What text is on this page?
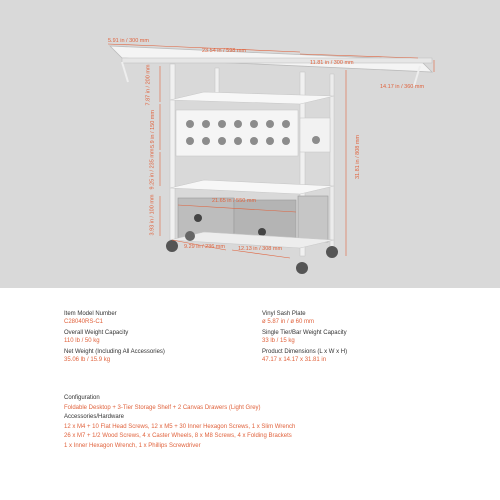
5.91 in / 300 mm
23.54 in / 598 mm
11.81 in / 300 mm
14.17 in / 360 mm
7.87 in / 200 mm
5.9 in / 150 mm
9.25 in / 235 mm
3.93 in / 100 mm
31.81 in / 808 mm
21.65 in / 550 mm
9.29 in / 236 mm 12.13 in / 308 mm
Item Model Number
C28040RS-C1
Overall Weight Capacity
110 lb / 50 kg
Net Weight (Including All Accessories)
35.06 lb / 15.9 kg
Vinyl Sash Plate
ø 5.87 in / ø 60 mm
Single Tier/Bar Weight Capacity
33 lb / 15 kg
Product Dimensions (L x W x H)
47.17 x 14.17 x 31.81 in
Configuration
Foldable Desktop + 3-Tier Storage Shelf + 2 Canvas Drawers (Light Grey)
Accessories/Hardware
12 x M4 + 10 Flat Head Screws, 12 x M5 + 30 Inner Hexagon Screws, 1 x Slim Wrench
26 x M7 + 1/2 Wood Screws, 4 x Caster Wheels, 8 x M8 Screws, 4 x Folding Brackets
1 x Inner Hexagon Wrench, 1 x Phillips Screwdriver
